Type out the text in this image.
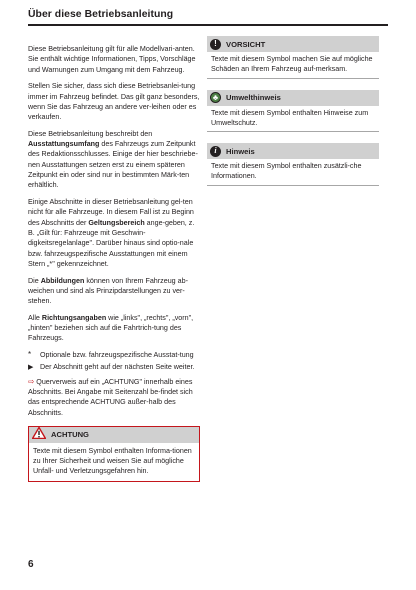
Über diese Betriebsanleitung

Diese Betriebsanleitung gilt für alle Modellvari-anten. Sie enthält wichtige Informationen, Tipps, Vorschläge und Warnungen zum Umgang mit dem Fahrzeug.

Stellen Sie sicher, dass sich diese Betriebsanlei-tung immer im Fahrzeug befindet. Das gilt ganz besonders, wenn Sie das Fahrzeug an andere ver-leihen oder es verkaufen.

Diese Betriebsanleitung beschreibt den Ausstattungsumfang des Fahrzeugs zum Zeitpunkt des Redaktionsschlusses. Einige der hier beschriebe-nen Ausstattungen setzen erst zu einem späteren Zeitpunkt ein oder sind nur in bestimmten Märk-ten erhältlich.

Einige Abschnitte in dieser Betriebsanleitung gel-ten nicht für alle Fahrzeuge. In diesem Fall ist zu Beginn des Abschnitts der Geltungsbereich ange-geben, z. B. „Gilt für: Fahrzeuge mit Geschwin-digkeitsregelanlage". Darüber hinaus sind optio-nale bzw. fahrzeugspezifische Ausstattungen mit einem Stern „*" gekennzeichnet.

Die Abbildungen können von Ihrem Fahrzeug ab-weichen und sind als Prinzipdarstellungen zu ver-stehen.

Alle Richtungsangaben wie „links", „rechts", „vorn", „hinten" beziehen sich auf die Fahrtrich-tung des Fahrzeugs.

*	Optionale bzw. fahrzeugspezifische Ausstat-tung
▶ Der Abschnitt geht auf der nächsten Seite weiter.

⇨ Querverweis auf ein „ACHTUNG" innerhalb eines Abschnitts. Bei Angabe mit Seitenzahl be-findet sich das entsprechende ACHTUNG außer-halb des Abschnitts.

ACHTUNG
Texte mit diesem Symbol enthalten Informa-tionen zu Ihrer Sicherheit und weisen Sie auf mögliche Unfall- und Verletzungsgefahren hin.
!	VORSICHT
Texte mit diesem Symbol machen Sie auf mögliche Schäden an Ihrem Fahrzeug auf-merksam.
♣	Umwelthinweis
Texte mit diesem Symbol enthalten Hinweise zum Umweltschutz.
i	Hinweis
Texte mit diesem Symbol enthalten zusätzli-che Informationen.
6
